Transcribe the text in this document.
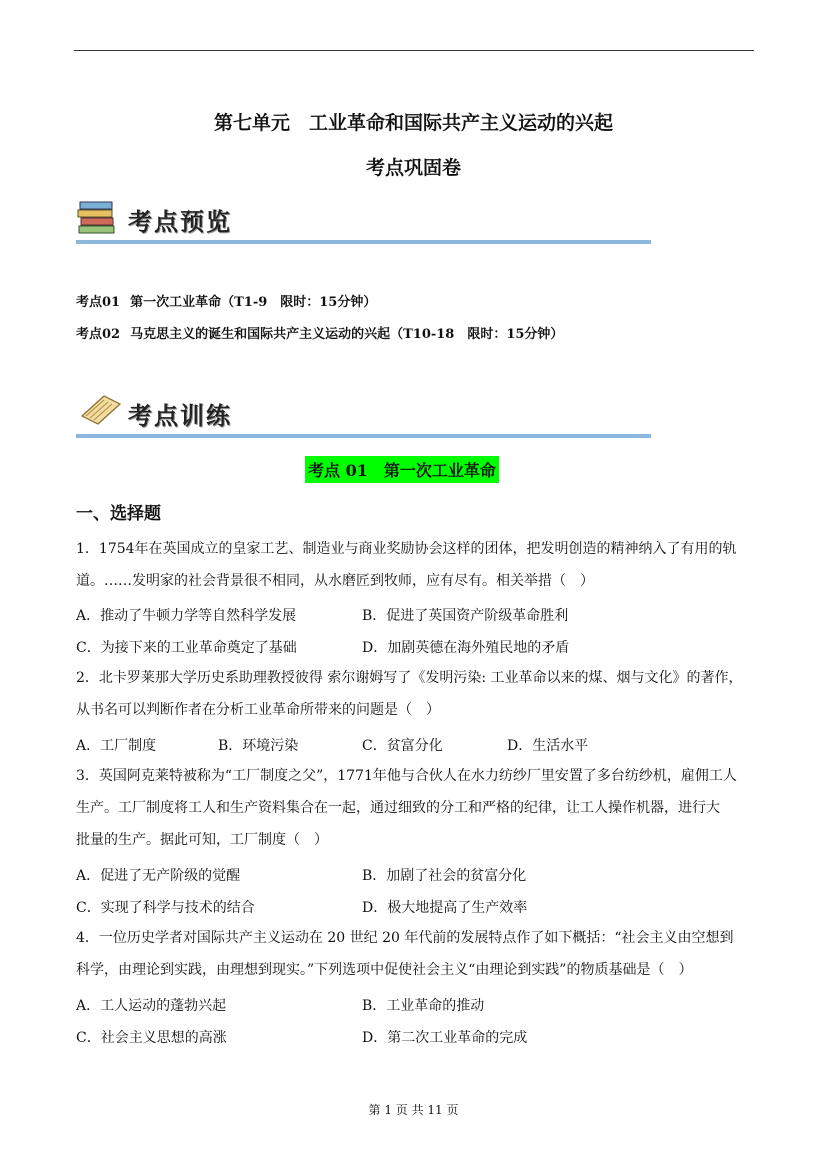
第七单元　工业革命和国际共产主义运动的兴起
考点巩固卷
考点预览
考点01 第一次工业革命（T1-9　限时：15分钟）
考点02 马克思主义的诞生和国际共产主义运动的兴起（T10-18　限时：15分钟）
考点训练
考点 01　第一次工业革命
一、选择题
1．1754年在英国成立的皇家工艺、制造业与商业奖励协会这样的团体，把发明创造的精神纳入了有用的轨
道。……发明家的社会背景很不相同，从水磨匠到牧师，应有尽有。相关举措（　）
A．推动了牛顿力学等自然科学发展	B．促进了英国资产阶级革命胜利
C．为接下来的工业革命奠定了基础	D．加剧英德在海外殖民地的矛盾
2．北卡罗莱那大学历史系助理教授彼得 索尔谢姆写了《发明污染: 工业革命以来的煤、烟与文化》的著作，
从书名可以判断作者在分析工业革命所带来的问题是（　）
A．工厂制度	B．环境污染	C．贫富分化	D．生活水平
3．英国阿克莱特被称为“工厂制度之父”，1771年他与合伙人在水力纺纱厂里安置了多台纺纱机，雇佣工人
生产。工厂制度将工人和生产资料集合在一起，通过细致的分工和严格的纪律，让工人操作机器，进行大
批量的生产。据此可知，工厂制度（　）
A．促进了无产阶级的觉醒	B．加剧了社会的贫富分化
C．实现了科学与技术的结合	D．极大地提高了生产效率
4．一位历史学者对国际共产主义运动在 20 世纪 20 年代前的发展特点作了如下概括：“社会主义由空想到
科学，由理论到实践，由理想到现实。”下列选项中促使社会主义“由理论到实践”的物质基础是（　）
A．工人运动的蓬勃兴起	B．工业革命的推动
C．社会主义思想的高涨	D．第二次工业革命的完成
第 1 页 共 11 页
